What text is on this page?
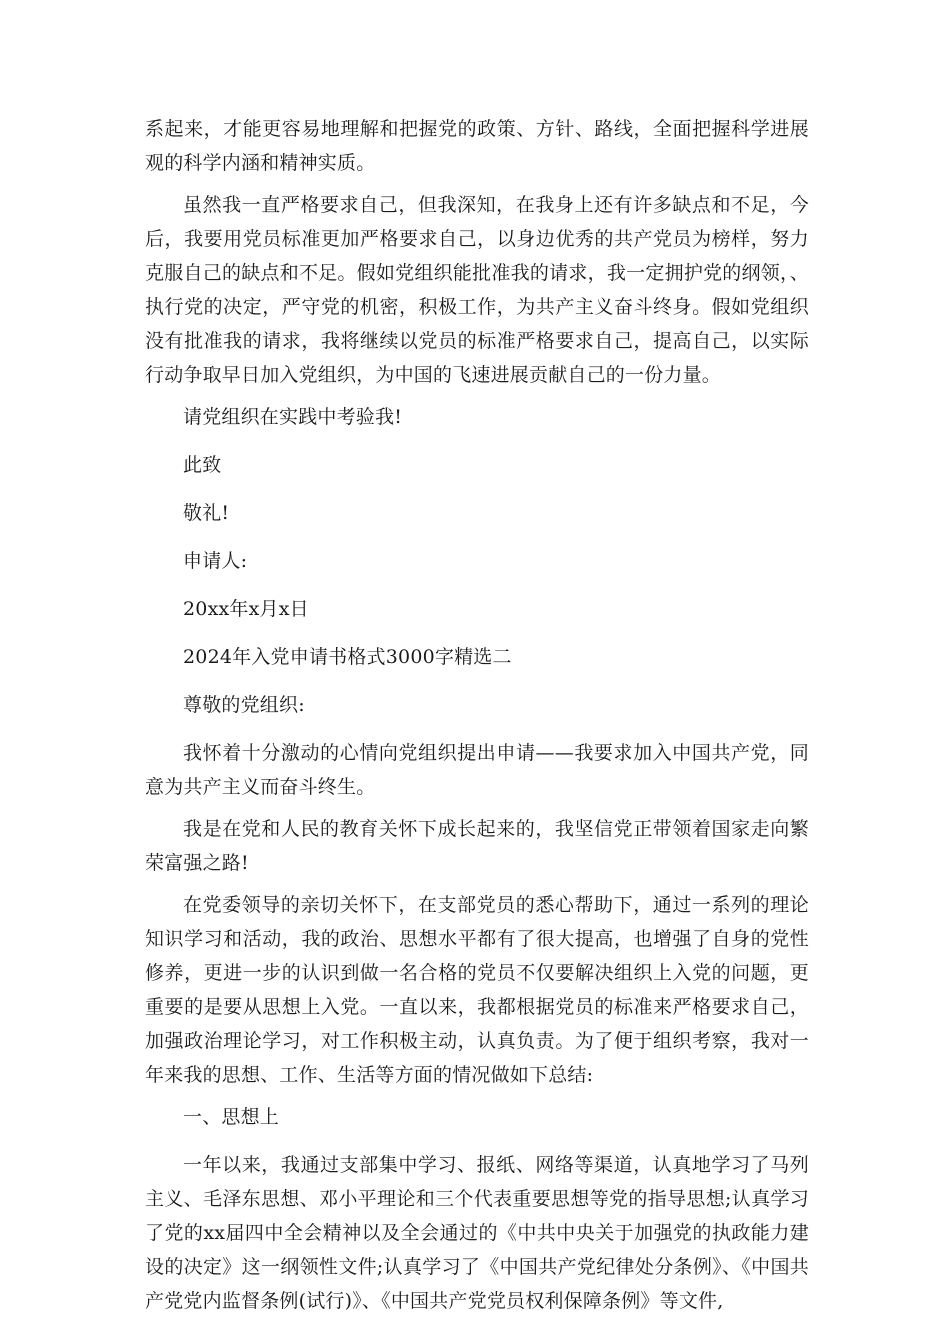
系起来，才能更容易地理解和把握党的政策、方针、路线，全面把握科学进展观的科学内涵和精神实质。

虽然我一直严格要求自己，但我深知，在我身上还有许多缺点和不足，今后，我要用党员标准更加严格要求自己，以身边优秀的共产党员为榜样，努力克服自己的缺点和不足。假如党组织能批准我的请求，我一定拥护党的纲领，、执行党的决定，严守党的机密，积极工作，为共产主义奋斗终身。假如党组织没有批准我的请求，我将继续以党员的标准严格要求自己，提高自己，以实际行动争取早日加入党组织，为中国的飞速进展贡献自己的一份力量。

请党组织在实践中考验我!

此致

敬礼!

申请人:

20xx年x月x日

2024年入党申请书格式3000字精选二

尊敬的党组织:

我怀着十分激动的心情向党组织提出申请——我要求加入中国共产党，同意为共产主义而奋斗终生。

我是在党和人民的教育关怀下成长起来的，我坚信党正带领着国家走向繁荣富强之路!

在党委领导的亲切关怀下，在支部党员的悉心帮助下，通过一系列的理论知识学习和活动，我的政治、思想水平都有了很大提高，也增强了自身的党性修养，更进一步的认识到做一名合格的党员不仅要解决组织上入党的问题，更重要的是要从思想上入党。一直以来，我都根据党员的标准来严格要求自己，加强政治理论学习，对工作积极主动，认真负责。为了便于组织考察，我对一年来我的思想、工作、生活等方面的情况做如下总结:

一、思想上

一年以来，我通过支部集中学习、报纸、网络等渠道，认真地学习了马列主义、毛泽东思想、邓小平理论和三个代表重要思想等党的指导思想;认真学习了党的xx届四中全会精神以及全会通过的《中共中央关于加强党的执政能力建设的决定》这一纲领性文件;认真学习了《中国共产党纪律处分条例》、《中国共产党党内监督条例(试行)》、《中国共产党党员权利保障条例》等文件,
